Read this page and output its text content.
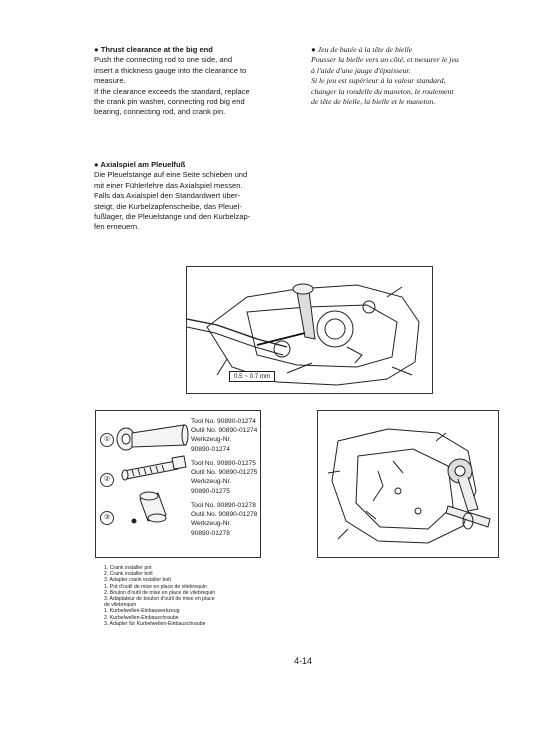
● Thrust clearance at the big end
Push the connecting rod to one side, and
insert a thickness gauge into the clearance to
measure.
If the clearance exceeds the standard, replace
the crank pin washer, connecting rod big end
bearing, connecting rod, and crank pin.
● Jeu de butée à la tête de bielle
Pousser la bielle vers un côté, et mesurer le jeu
à l'aide d'une jauge d'épaisseur.
Si le jeu est supérieur à la valeur standard,
changer la rondelle du maneton, le roulement
de tête de bielle, la bielle et le maneton.
● Axialspiel am Pleuelfuß
Die Pleuelstange auf eine Seite schieben und
mit einer Fühlerlehre das Axialspiel messen.
Falls das Axialspiel den Standardwert über-
steigt, die Kurbelzapfenscheibe, das Pleuel-
fußlager, die Pleuelstange und den Kurbelzap-
fen erneuern.
0.5 ~ 0.7 mm
①
②
③
Tool No. 90890-01274
Outil No. 90890-01274
Werkzeug-Nr.
90890-01274
Tool No. 90890-01275
Outil No. 90890-01275
Werkzeug-Nr.
90890-01275
Tool No. 90890-01278
Outil No. 90890-01278
Werkzeug-Nr.
90890-01278
1. Crank installer pot
2. Crank installer bolt
3. Adapter crank installer bolt
1. Pot d'outil de mise en place de vilebrequin
2. Boulon d'outil de mise en place de vilebrequin
3. Adaptateur de boulon d'outil de mise en place
de vilebrequin
1. Kurbelwellen-Einbauwerkzeug
2. Kurbelwellen-Einbauschraube
3. Adapter für Kurbelwellen-Einbauschraube
4-14
